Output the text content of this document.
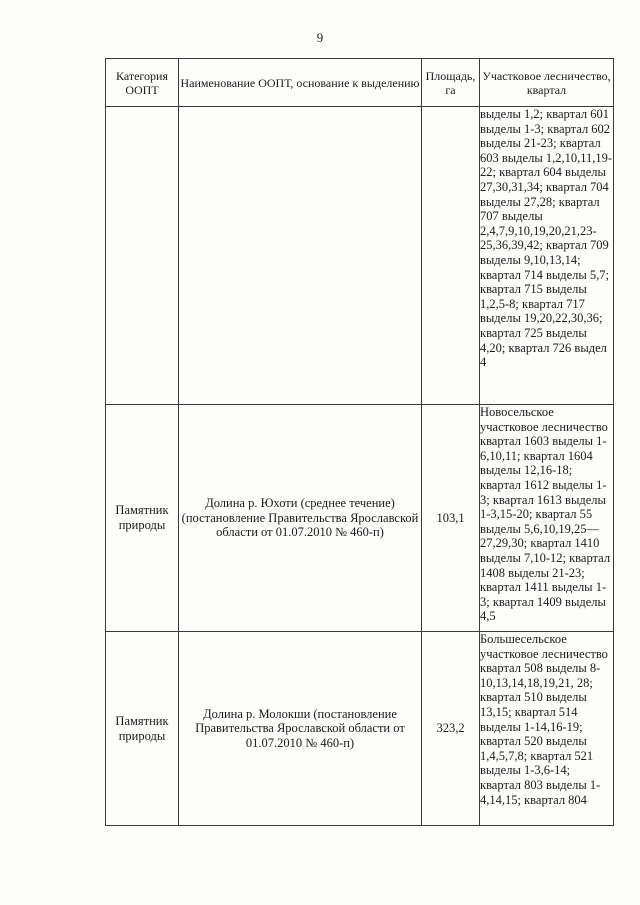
9
Категория ООПТ	Наименование ООПТ, основание к выделению	Площадь, га	Участковое лесничество, квартал
			выделы 1,2; квартал 601 выделы 1-3; квартал 602 выделы 21-23; квартал 603 выделы 1,2,10,11,19-22; квартал 604 выделы 27,30,31,34; квартал 704 выделы 27,28; квартал 707 выделы 2,4,7,9,10,19,20,21,23-25,36,39,42; квартал 709 выделы 9,10,13,14; квартал 714 выделы 5,7; квартал 715 выделы 1,2,5-8; квартал 717 выделы 19,20,22,30,36; квартал 725 выделы 4,20; квартал 726 выдел 4
Памятник природы	Долина р. Юхоти (среднее течение) (постановление Правительства Ярославской области от 01.07.2010 № 460-п)	103,1	Новосельское участковое лесничество квартал 1603 выделы 1-6,10,11; квартал 1604 выделы 12,16-18; квартал 1612 выделы 1-3; квартал 1613 выделы 1-3,15-20; квартал 55 выделы 5,6,10,19,25—27,29,30; квартал 1410 выделы 7,10-12; квартал 1408 выделы 21-23; квартал 1411 выделы 1-3; квартал 1409 выделы 4,5
Памятник природы	Долина р. Молокши (постановление Правительства Ярославской области от 01.07.2010 № 460-п)	323,2	Большесельское участковое лесничество квартал 508 выделы 8-10,13,14,18,19,21, 28; квартал 510 выделы 13,15; квартал 514 выделы 1-14,16-19; квартал 520 выделы 1,4,5,7,8; квартал 521 выделы 1-3,6-14; квартал 803 выделы 1-4,14,15; квартал 804
